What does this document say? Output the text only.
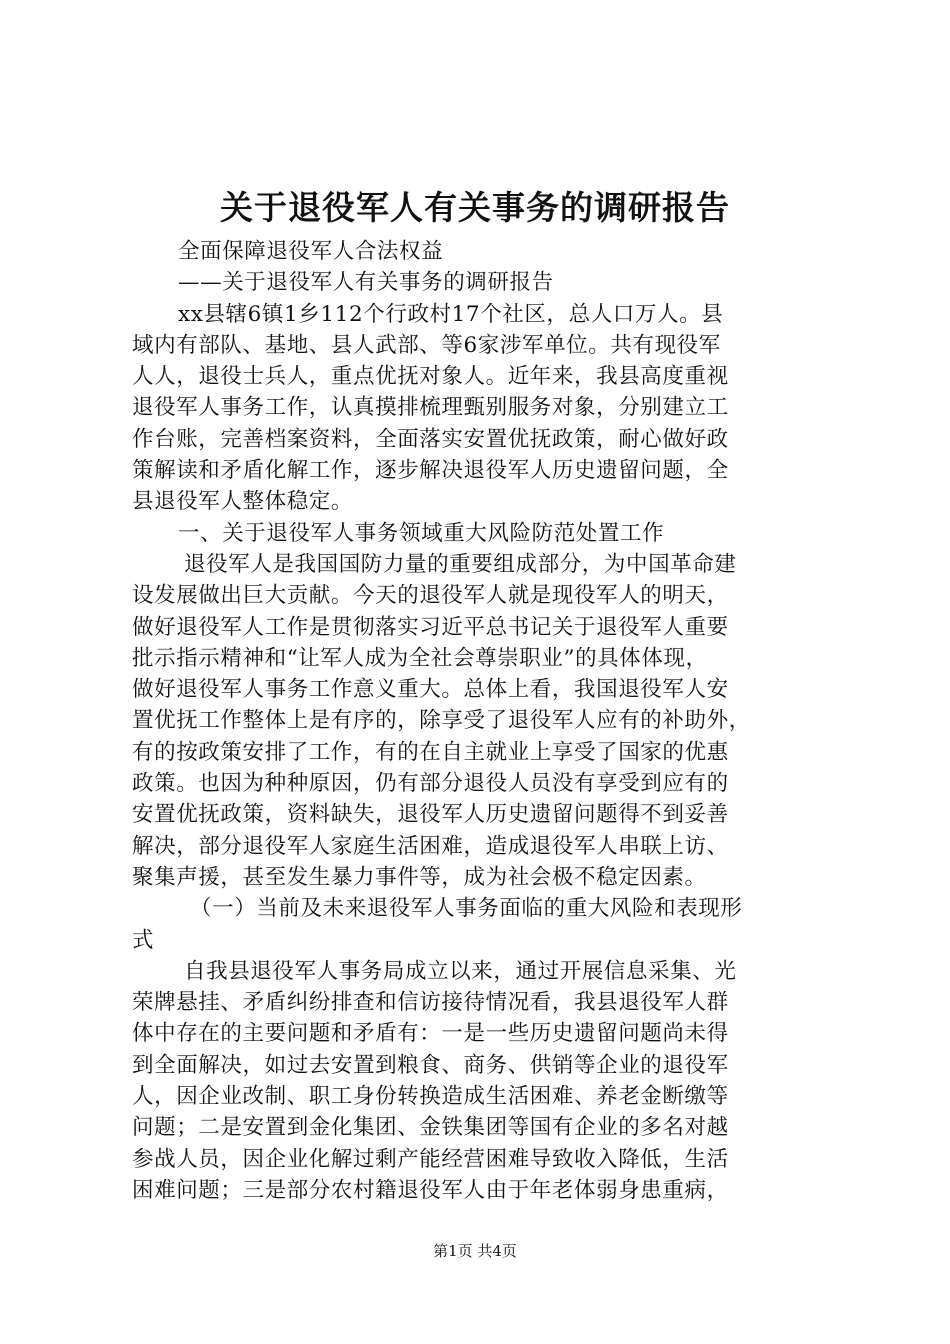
关于退役军人有关事务的调研报告
全面保障退役军人合法权益
——关于退役军人有关事务的调研报告
xx县辖6镇1乡112个行政村17个社区，总人口万人。县
域内有部队、基地、县人武部、等6家涉军单位。共有现役军
人人，退役士兵人，重点优抚对象人。近年来，我县高度重视
退役军人事务工作，认真摸排梳理甄别服务对象，分别建立工
作台账，完善档案资料，全面落实安置优抚政策，耐心做好政
策解读和矛盾化解工作，逐步解决退役军人历史遗留问题，全
县退役军人整体稳定。
一、关于退役军人事务领域重大风险防范处置工作
退役军人是我国国防力量的重要组成部分，为中国革命建
设发展做出巨大贡献。今天的退役军人就是现役军人的明天，
做好退役军人工作是贯彻落实习近平总书记关于退役军人重要
批示指示精神和“让军人成为全社会尊崇职业”的具体体现，
做好退役军人事务工作意义重大。总体上看，我国退役军人安
置优抚工作整体上是有序的，除享受了退役军人应有的补助外，
有的按政策安排了工作，有的在自主就业上享受了国家的优惠
政策。也因为种种原因，仍有部分退役人员没有享受到应有的
安置优抚政策，资料缺失，退役军人历史遗留问题得不到妥善
解决，部分退役军人家庭生活困难，造成退役军人串联上访、
聚集声援，甚至发生暴力事件等，成为社会极不稳定因素。
（一）当前及未来退役军人事务面临的重大风险和表现形
式
自我县退役军人事务局成立以来，通过开展信息采集、光
荣牌悬挂、矛盾纠纷排查和信访接待情况看，我县退役军人群
体中存在的主要问题和矛盾有：一是一些历史遗留问题尚未得
到全面解决，如过去安置到粮食、商务、供销等企业的退役军
人，因企业改制、职工身份转换造成生活困难、养老金断缴等
问题；二是安置到金化集团、金铁集团等国有企业的多名对越
参战人员，因企业化解过剩产能经营困难导致收入降低，生活
困难问题；三是部分农村籍退役军人由于年老体弱身患重病，
第1页 共4页
